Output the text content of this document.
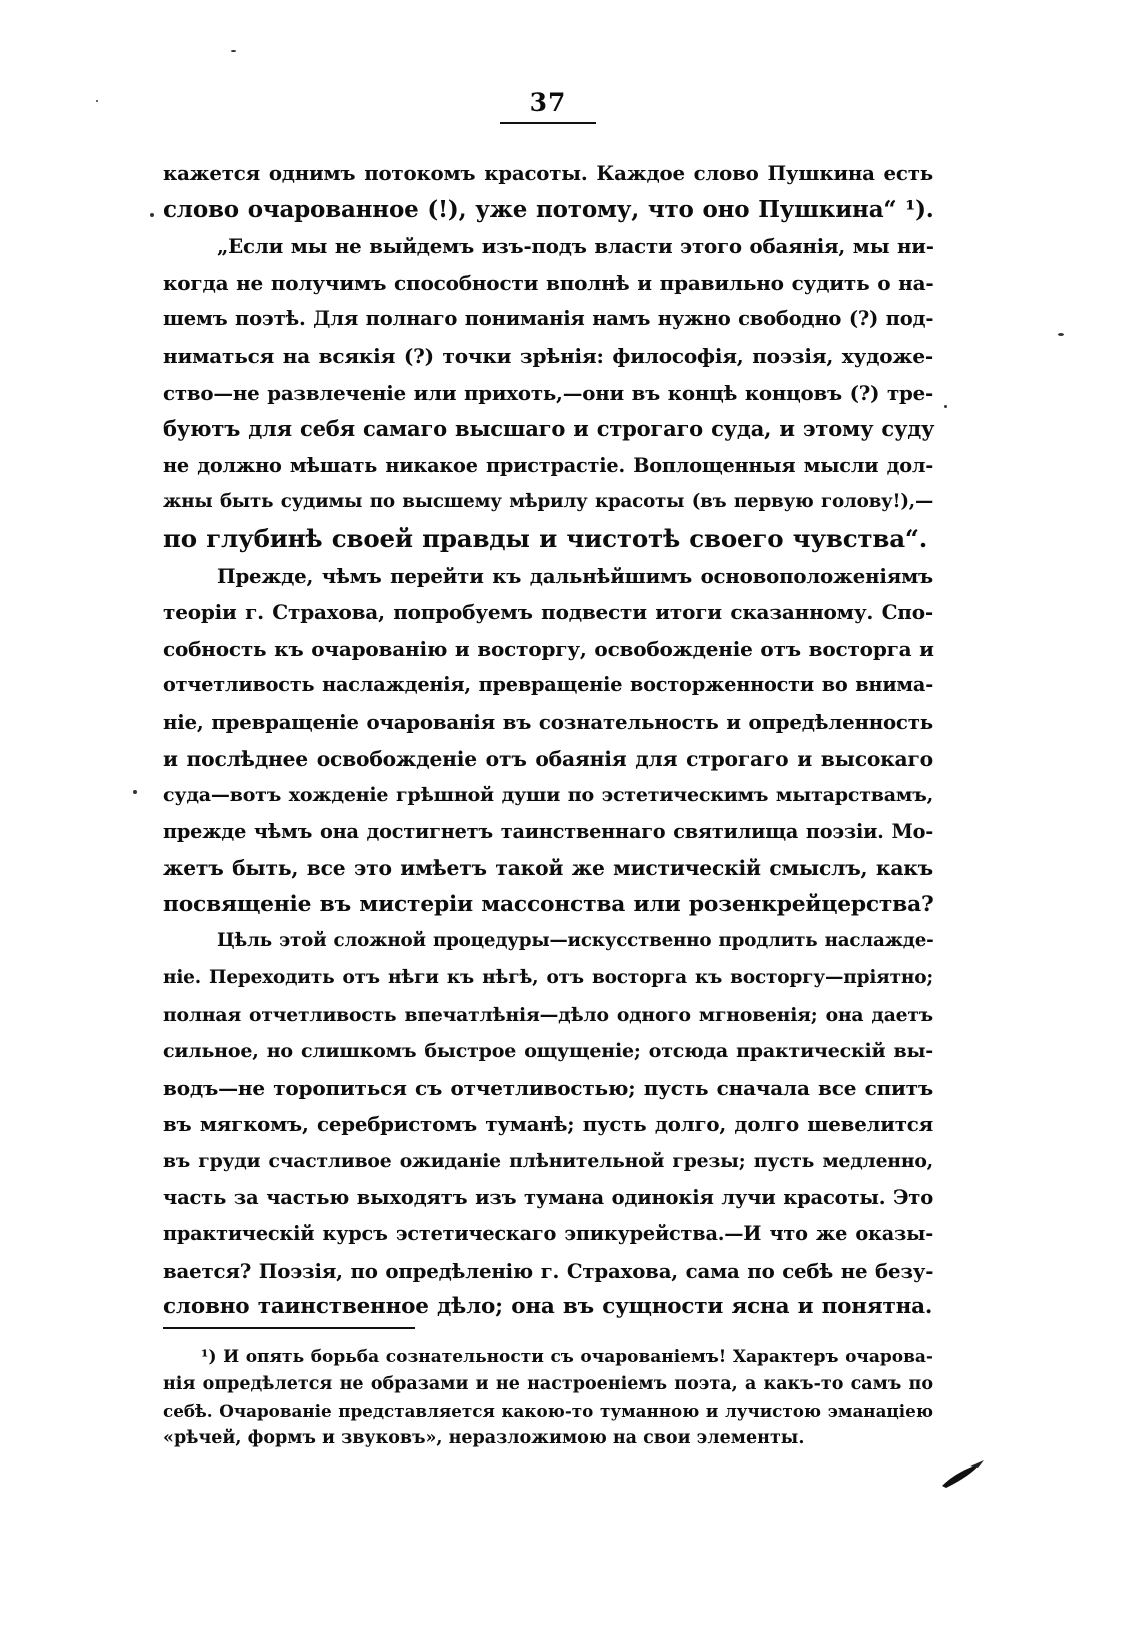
37
кажется однимъ потокомъ красоты. Каждое слово Пушкина есть
слово очарованное (!), уже потому, что оно Пушкина“ ¹).
„Если мы не выйдемъ изъ-подъ власти этого обаянія, мы ни-
когда не получимъ способности вполнѣ и правильно судить о на-
шемъ поэтѣ. Для полнаго пониманія намъ нужно свободно (?) под-
ниматься на всякія (?) точки зрѣнія: философія, поэзія, художе-
ство—не развлеченіе или прихоть,—они въ концѣ концовъ (?) тре-
буютъ для себя самаго высшаго и строгаго суда, и этому суду
не должно мѣшать никакое пристрастіе. Воплощенныя мысли дол-
жны быть судимы по высшему мѣрилу красоты (въ первую голову!),—
по глубинѣ своей правды и чистотѣ своего чувства“.
Прежде, чѣмъ перейти къ дальнѣйшимъ основоположеніямъ
теоріи г. Страхова, попробуемъ подвести итоги сказанному. Спо-
собность къ очарованію и восторгу, освобожденіе отъ восторга и
отчетливость наслажденія, превращеніе восторженности во внима-
ніе, превращеніе очарованія въ сознательность и опредѣленность
и послѣднее освобожденіе отъ обаянія для строгаго и высокаго
суда—вотъ хожденіе грѣшной души по эстетическимъ мытарствамъ,
прежде чѣмъ она достигнетъ таинственнаго святилища поэзіи. Мо-
жетъ быть, все это имѣетъ такой же мистическій смыслъ, какъ
посвященіе въ мистеріи массонства или розенкрейцерства?
Цѣль этой сложной процедуры—искусственно продлить наслажде-
ніе. Переходить отъ нѣги къ нѣгѣ, отъ восторга къ восторгу—пріятно;
полная отчетливость впечатлѣнія—дѣло одного мгновенія; она даетъ
сильное, но слишкомъ быстрое ощущеніе; отсюда практическій вы-
водъ—не торопиться съ отчетливостью; пусть сначала все спитъ
въ мягкомъ, серебристомъ туманѣ; пусть долго, долго шевелится
въ груди счастливое ожиданіе плѣнительной грезы; пусть медленно,
часть за частью выходятъ изъ тумана одинокія лучи красоты. Это
практическій курсъ эстетическаго эпикурейства.—И что же оказы-
вается? Поэзія, по опредѣленію г. Страхова, сама по себѣ не безу-
словно таинственное дѣло; она въ сущности ясна и понятна.
¹) И опять борьба сознательности съ очарованіемъ! Характеръ очарова-
нія опредѣлется не образами и не настроеніемъ поэта, а какъ-то самъ по
себѣ. Очарованіе представляется какою-то туманною и лучистою эманаціею
«рѣчей, формъ и звуковъ», неразложимою на свои элементы.
